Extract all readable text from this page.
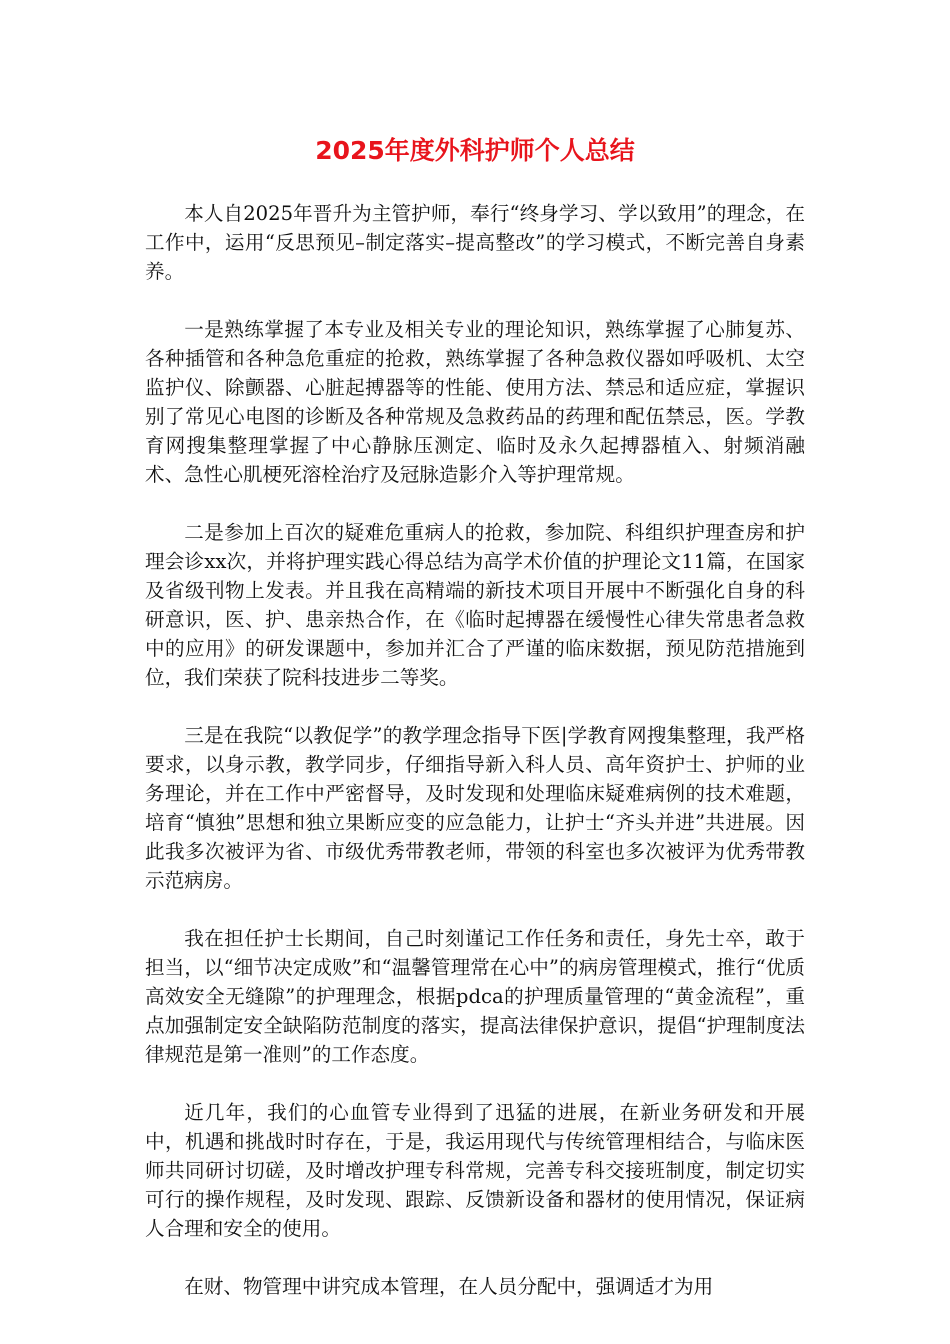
2025年度外科护师个人总结

本人自2025年晋升为主管护师，奉行“终身学习、学以致用”的理念，在工作中，运用“反思预见–制定落实–提高整改”的学习模式，不断完善自身素养。

一是熟练掌握了本专业及相关专业的理论知识，熟练掌握了心肺复苏、各种插管和各种急危重症的抢救，熟练掌握了各种急救仪器如呼吸机、太空监护仪、除颤器、心脏起搏器等的性能、使用方法、禁忌和适应症，掌握识别了常见心电图的诊断及各种常规及急救药品的药理和配伍禁忌，医。学教育网搜集整理掌握了中心静脉压测定、临时及永久起搏器植入、射频消融术、急性心肌梗死溶栓治疗及冠脉造影介入等护理常规。

二是参加上百次的疑难危重病人的抢救，参加院、科组织护理查房和护理会诊xx次，并将护理实践心得总结为高学术价值的护理论文11篇，在国家及省级刊物上发表。并且我在高精端的新技术项目开展中不断强化自身的科研意识，医、护、患亲热合作，在《临时起搏器在缓慢性心律失常患者急救中的应用》的研发课题中，参加并汇合了严谨的临床数据，预见防范措施到位，我们荣获了院科技进步二等奖。

三是在我院“以教促学”的教学理念指导下医|学教育网搜集整理，我严格要求，以身示教，教学同步，仔细指导新入科人员、高年资护士、护师的业务理论，并在工作中严密督导，及时发现和处理临床疑难病例的技术难题，培育“慎独”思想和独立果断应变的应急能力，让护士“齐头并进”共进展。因此我多次被评为省、市级优秀带教老师，带领的科室也多次被评为优秀带教示范病房。

我在担任护士长期间，自己时刻谨记工作任务和责任，身先士卒，敢于担当，以“细节决定成败”和“温馨管理常在心中”的病房管理模式，推行“优质高效安全无缝隙”的护理理念，根据pdca的护理质量管理的“黄金流程”，重点加强制定安全缺陷防范制度的落实，提高法律保护意识，提倡“护理制度法律规范是第一准则”的工作态度。

近几年，我们的心血管专业得到了迅猛的进展，在新业务研发和开展中，机遇和挑战时时存在，于是，我运用现代与传统管理相结合，与临床医师共同研讨切磋，及时增改护理专科常规，完善专科交接班制度，制定切实可行的操作规程，及时发现、跟踪、反馈新设备和器材的使用情况，保证病人合理和安全的使用。

在财、物管理中讲究成本管理，在人员分配中，强调适才为用
